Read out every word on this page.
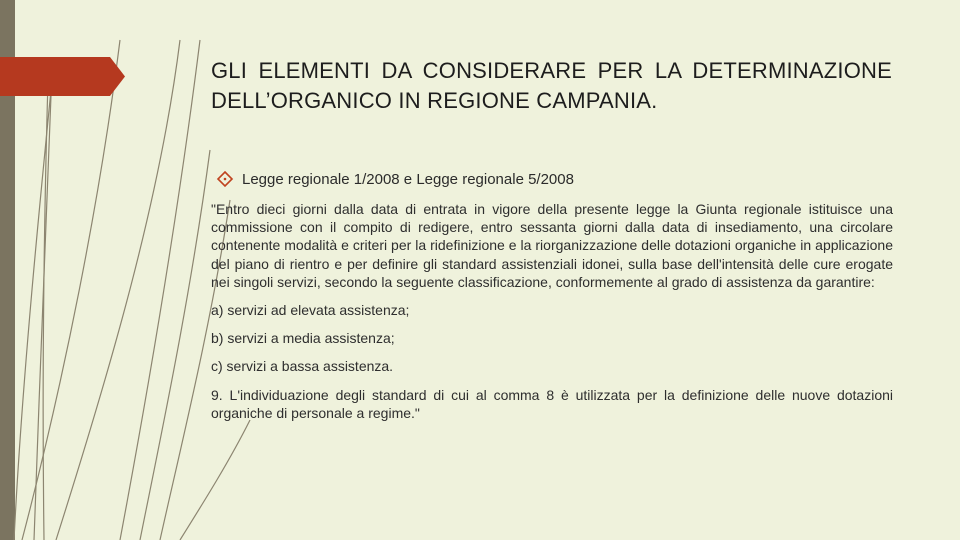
GLI ELEMENTI DA CONSIDERARE PER LA DETERMINAZIONE DELL’ORGANICO IN REGIONE CAMPANIA.
Legge regionale 1/2008 e Legge regionale 5/2008

"Entro dieci giorni dalla data di entrata in vigore della presente legge la Giunta regionale istituisce una commissione con il compito di redigere, entro sessanta giorni dalla data di insediamento, una circolare contenente modalità e criteri per la ridefinizione e la riorganizzazione delle dotazioni organiche in applicazione del piano di rientro e per definire gli standard assistenziali idonei, sulla base dell'intensità delle cure erogate nei singoli servizi, secondo la seguente classificazione, conformemente al grado di assistenza da garantire:

a) servizi ad elevata assistenza;

b) servizi a media assistenza;

c) servizi a bassa assistenza.

9. L'individuazione degli standard di cui al comma 8 è utilizzata per la definizione delle nuove dotazioni organiche di personale a regime."
